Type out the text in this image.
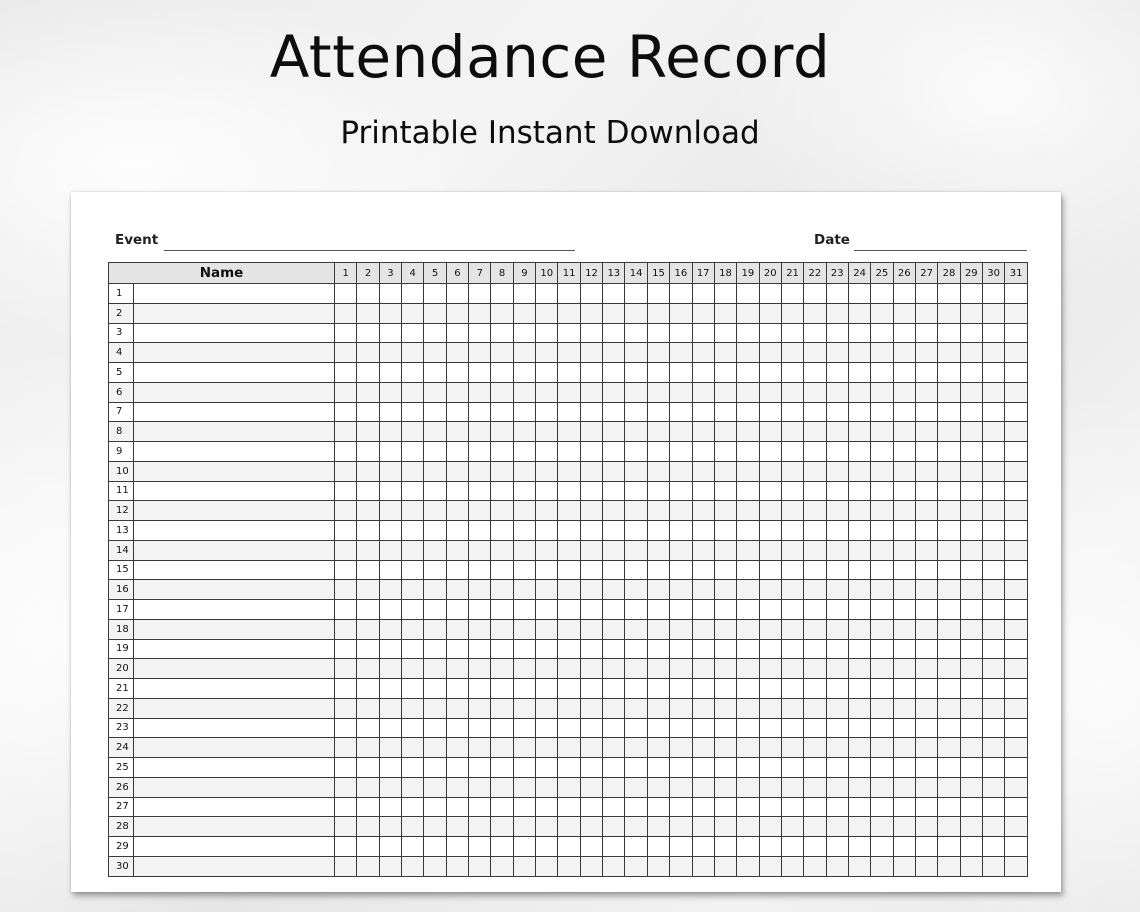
Attendance Record
Printable Instant Download
Event	Date
Name		1	2	3	4	5	6	7	8	9	10	11	12	13	14	15	16	17	18	19	20	21	22	23	24	25	26	27	28	29	30	31
1																																
2																																
3																																
4																																
5																																
6																																
7																																
8																																
9																																
10																																
11																																
12																																
13																																
14																																
15																																
16																																
17																																
18																																
19																																
20																																
21																																
22																																
23																																
24																																
25																																
26																																
27																																
28																																
29																																
30																																
